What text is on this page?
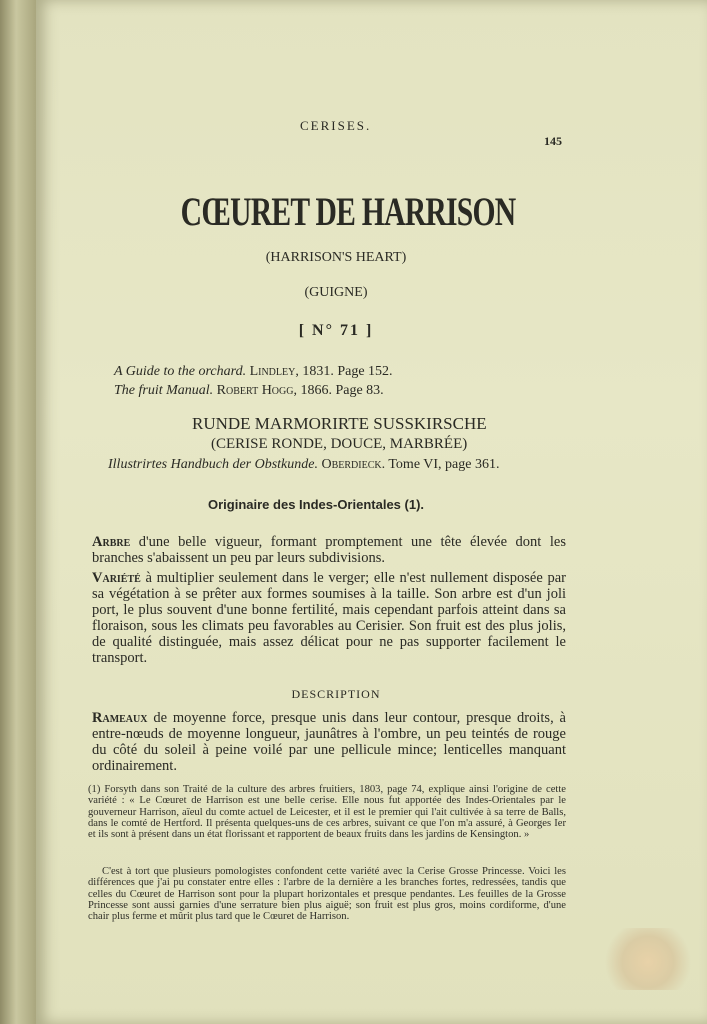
CERISES.
145
CŒURET DE HARRISON
(HARRISON'S HEART)
(GUIGNE)
[ N° 71 ]
A Guide to the orchard. Lindley, 1831. Page 152.
The fruit Manual. Robert Hogg, 1866. Page 83.
RUNDE MARMORIRTE SUSSKIRSCHE
(CERISE RONDE, DOUCE, MARBRÉE)
Illustrirtes Handbuch der Obstkunde. Oberdieck. Tome VI, page 361.
Originaire des Indes-Orientales (1).
Arbre d'une belle vigueur, formant promptement une tête élevée dont les branches s'abaissent un peu par leurs subdivisions.
Variété à multiplier seulement dans le verger; elle n'est nullement disposée par sa végétation à se prêter aux formes soumises à la taille. Son arbre est d'un joli port, le plus souvent d'une bonne fertilité, mais cependant parfois atteint dans sa floraison, sous les climats peu favorables au Cerisier. Son fruit est des plus jolis, de qualité distinguée, mais assez délicat pour ne pas supporter facilement le transport.
DESCRIPTION
Rameaux de moyenne force, presque unis dans leur contour, presque droits, à entre-nœuds de moyenne longueur, jaunâtres à l'ombre, un peu teintés de rouge du côté du soleil à peine voilé par une pellicule mince; lenticelles manquant ordinairement.
(1) Forsyth dans son Traité de la culture des arbres fruitiers, 1803, page 74, explique ainsi l'origine de cette variété : « Le Cœuret de Harrison est une belle cerise. Elle nous fut apportée des Indes-Orientales par le gouverneur Harrison, aïeul du comte actuel de Leicester, et il est le premier qui l'ait cultivée à sa terre de Balls, dans le comté de Hertford. Il présenta quelques-uns de ces arbres, suivant ce que l'on m'a assuré, à Georges Ier et ils sont à présent dans un état florissant et rapportent de beaux fruits dans les jardins de Kensington. »
C'est à tort que plusieurs pomologistes confondent cette variété avec la Cerise Grosse Princesse. Voici les différences que j'ai pu constater entre elles : l'arbre de la dernière a les branches fortes, redressées, tandis que celles du Cœuret de Harrison sont pour la plupart horizontales et presque pendantes. Les feuilles de la Grosse Princesse sont aussi garnies d'une serrature bien plus aiguë; son fruit est plus gros, moins cordiforme, d'une chair plus ferme et mûrit plus tard que le Cœuret de Harrison.
